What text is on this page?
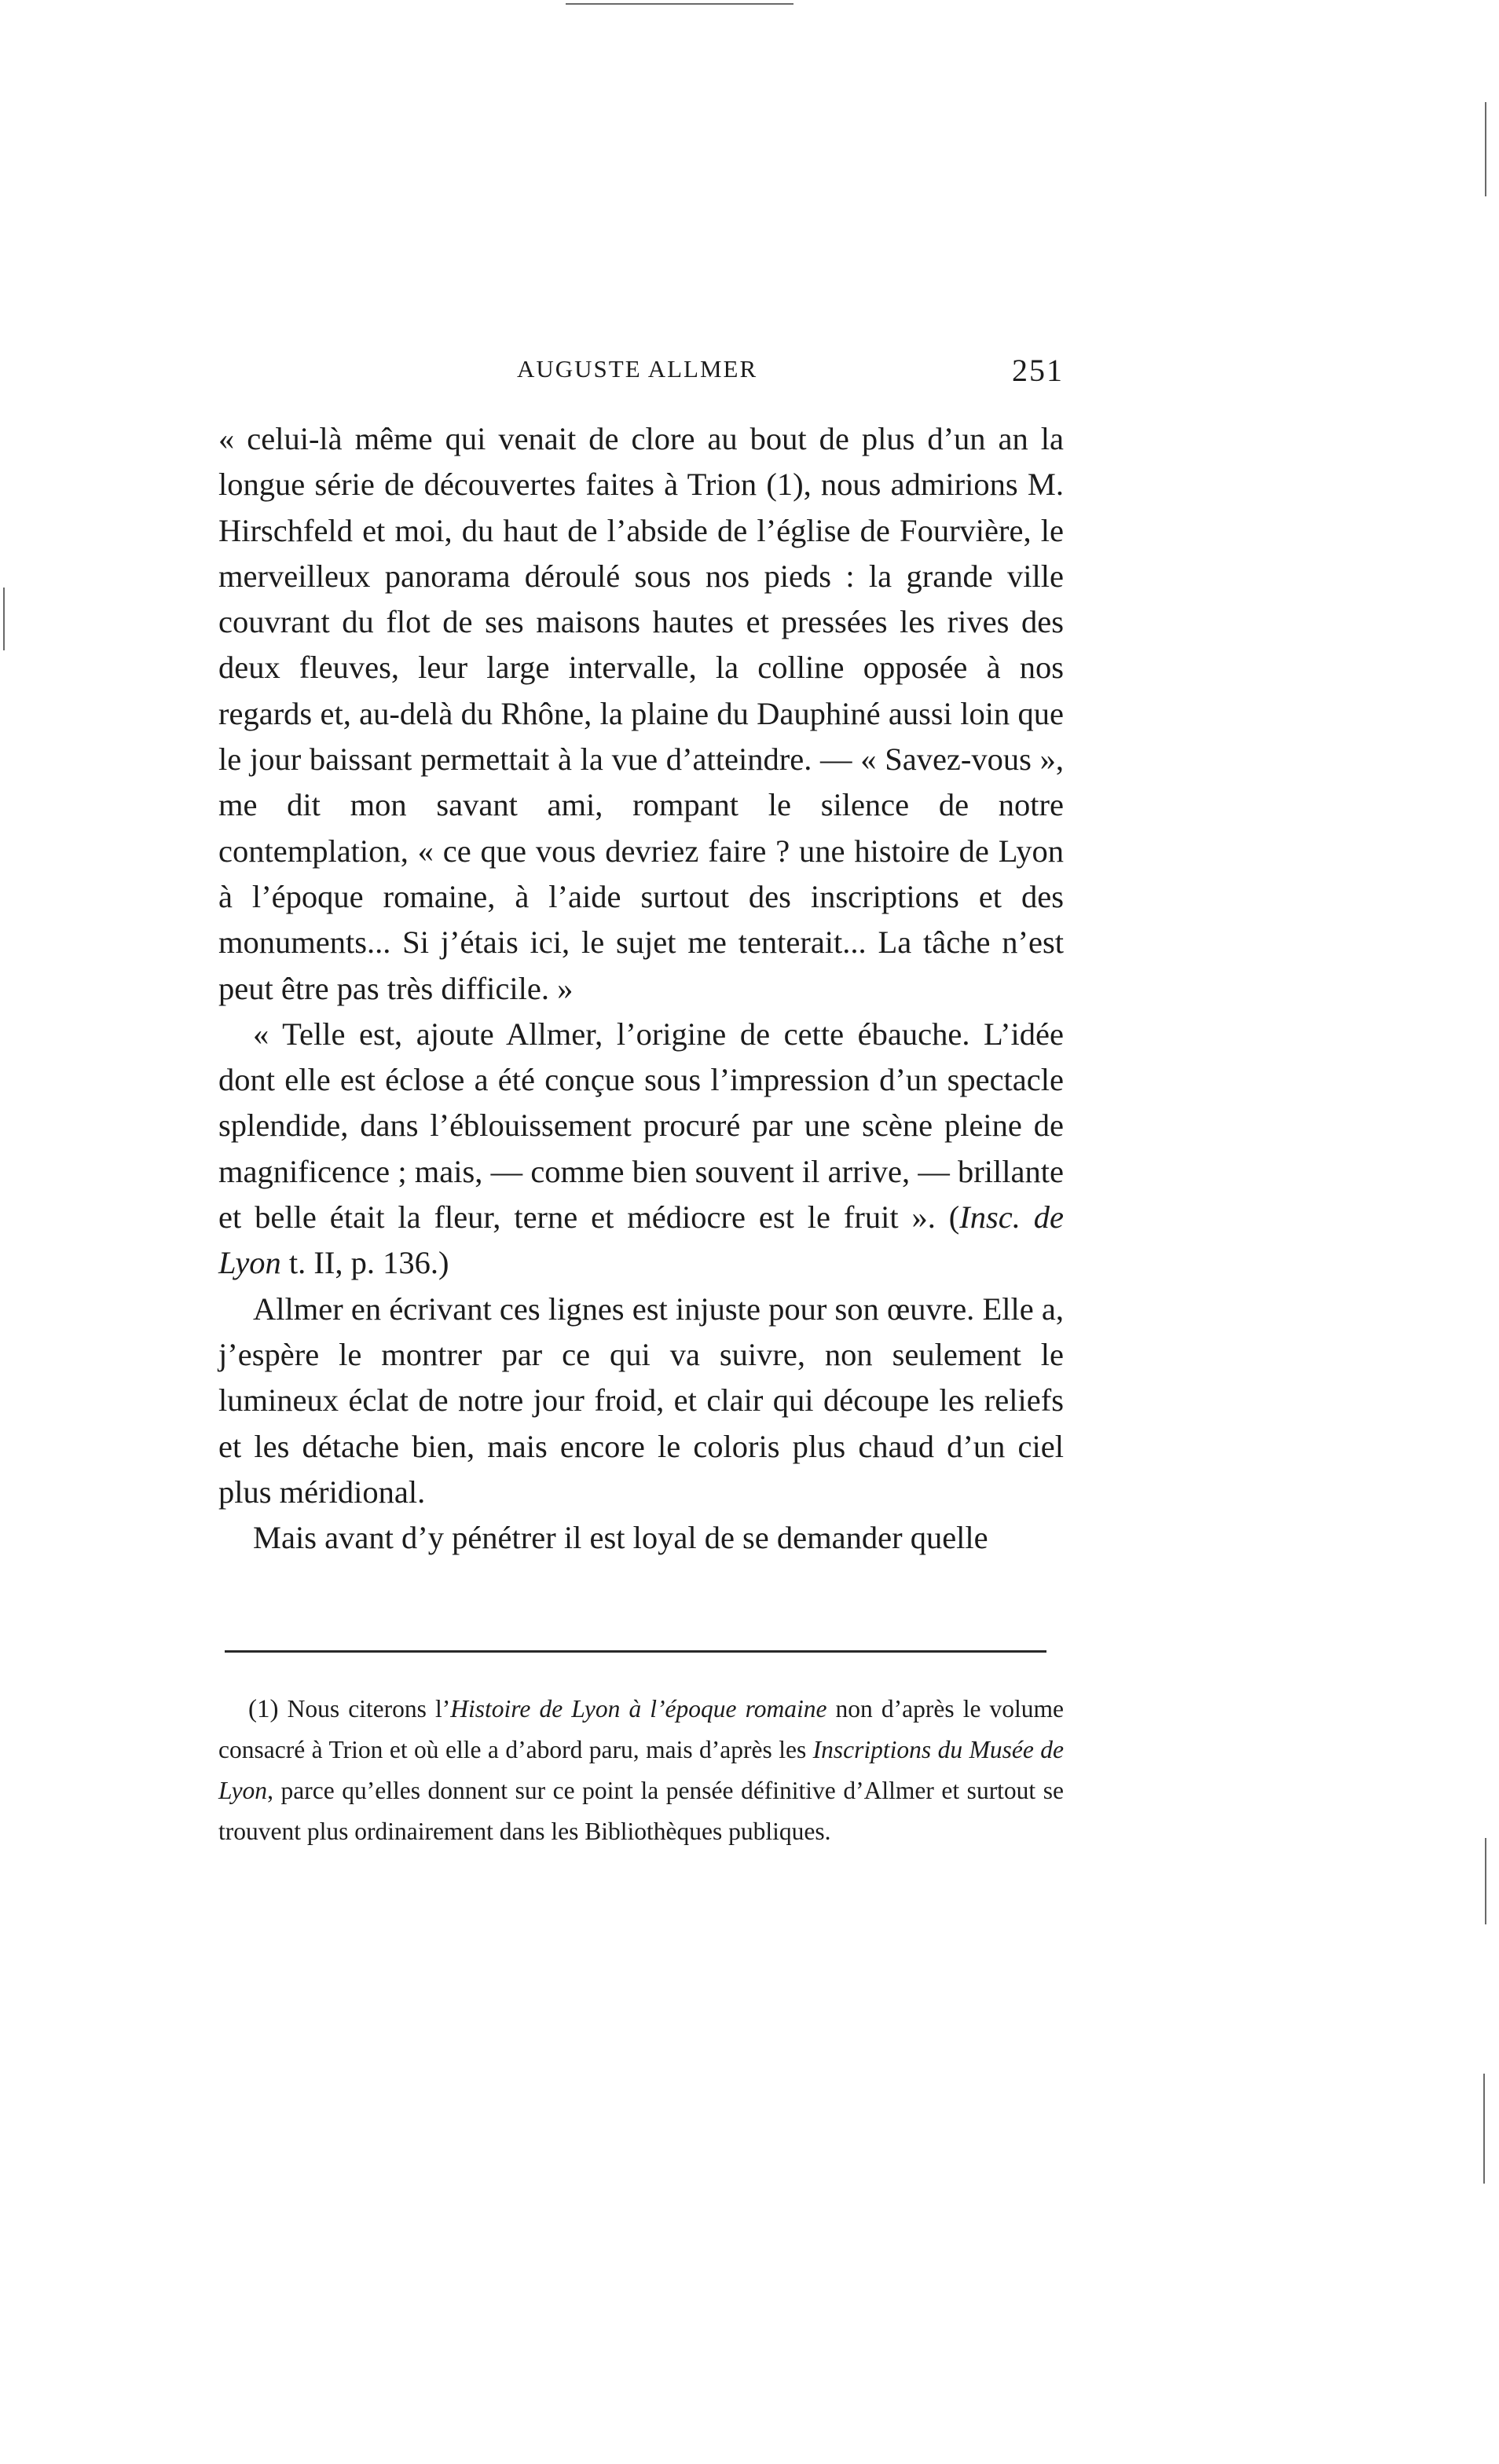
AUGUSTE ALLMER	251

« celui-là même qui venait de clore au bout de plus d’un an la longue série de découvertes faites à Trion (1), nous admirions M. Hirschfeld et moi, du haut de l’abside de l’église de Fourvière, le merveilleux panorama déroulé sous nos pieds : la grande ville couvrant du flot de ses maisons hautes et pressées les rives des deux fleuves, leur large intervalle, la colline opposée à nos regards et, au-delà du Rhône, la plaine du Dauphiné aussi loin que le jour baissant permettait à la vue d’atteindre. — « Savez-vous », me dit mon savant ami, rompant le silence de notre contemplation, « ce que vous devriez faire ? une histoire de Lyon à l’époque romaine, à l’aide surtout des inscriptions et des monuments... Si j’étais ici, le sujet me tenterait... La tâche n’est peut être pas très difficile. »

« Telle est, ajoute Allmer, l’origine de cette ébauche. L’idée dont elle est éclose a été conçue sous l’impression d’un spectacle splendide, dans l’éblouissement procuré par une scène pleine de magnificence ; mais, — comme bien souvent il arrive, — brillante et belle était la fleur, terne et médiocre est le fruit ». (Insc. de Lyon t. II, p. 136.)

Allmer en écrivant ces lignes est injuste pour son œuvre. Elle a, j’espère le montrer par ce qui va suivre, non seulement le lumineux éclat de notre jour froid, et clair qui découpe les reliefs et les détache bien, mais encore le coloris plus chaud d’un ciel plus méridional.

Mais avant d’y pénétrer il est loyal de se demander quelle

(1) Nous citerons l’Histoire de Lyon à l’époque romaine non d’après le volume consacré à Trion et où elle a d’abord paru, mais d’après les Inscriptions du Musée de Lyon, parce qu’elles donnent sur ce point la pensée définitive d’Allmer et surtout se trouvent plus ordinairement dans les Bibliothèques publiques.
